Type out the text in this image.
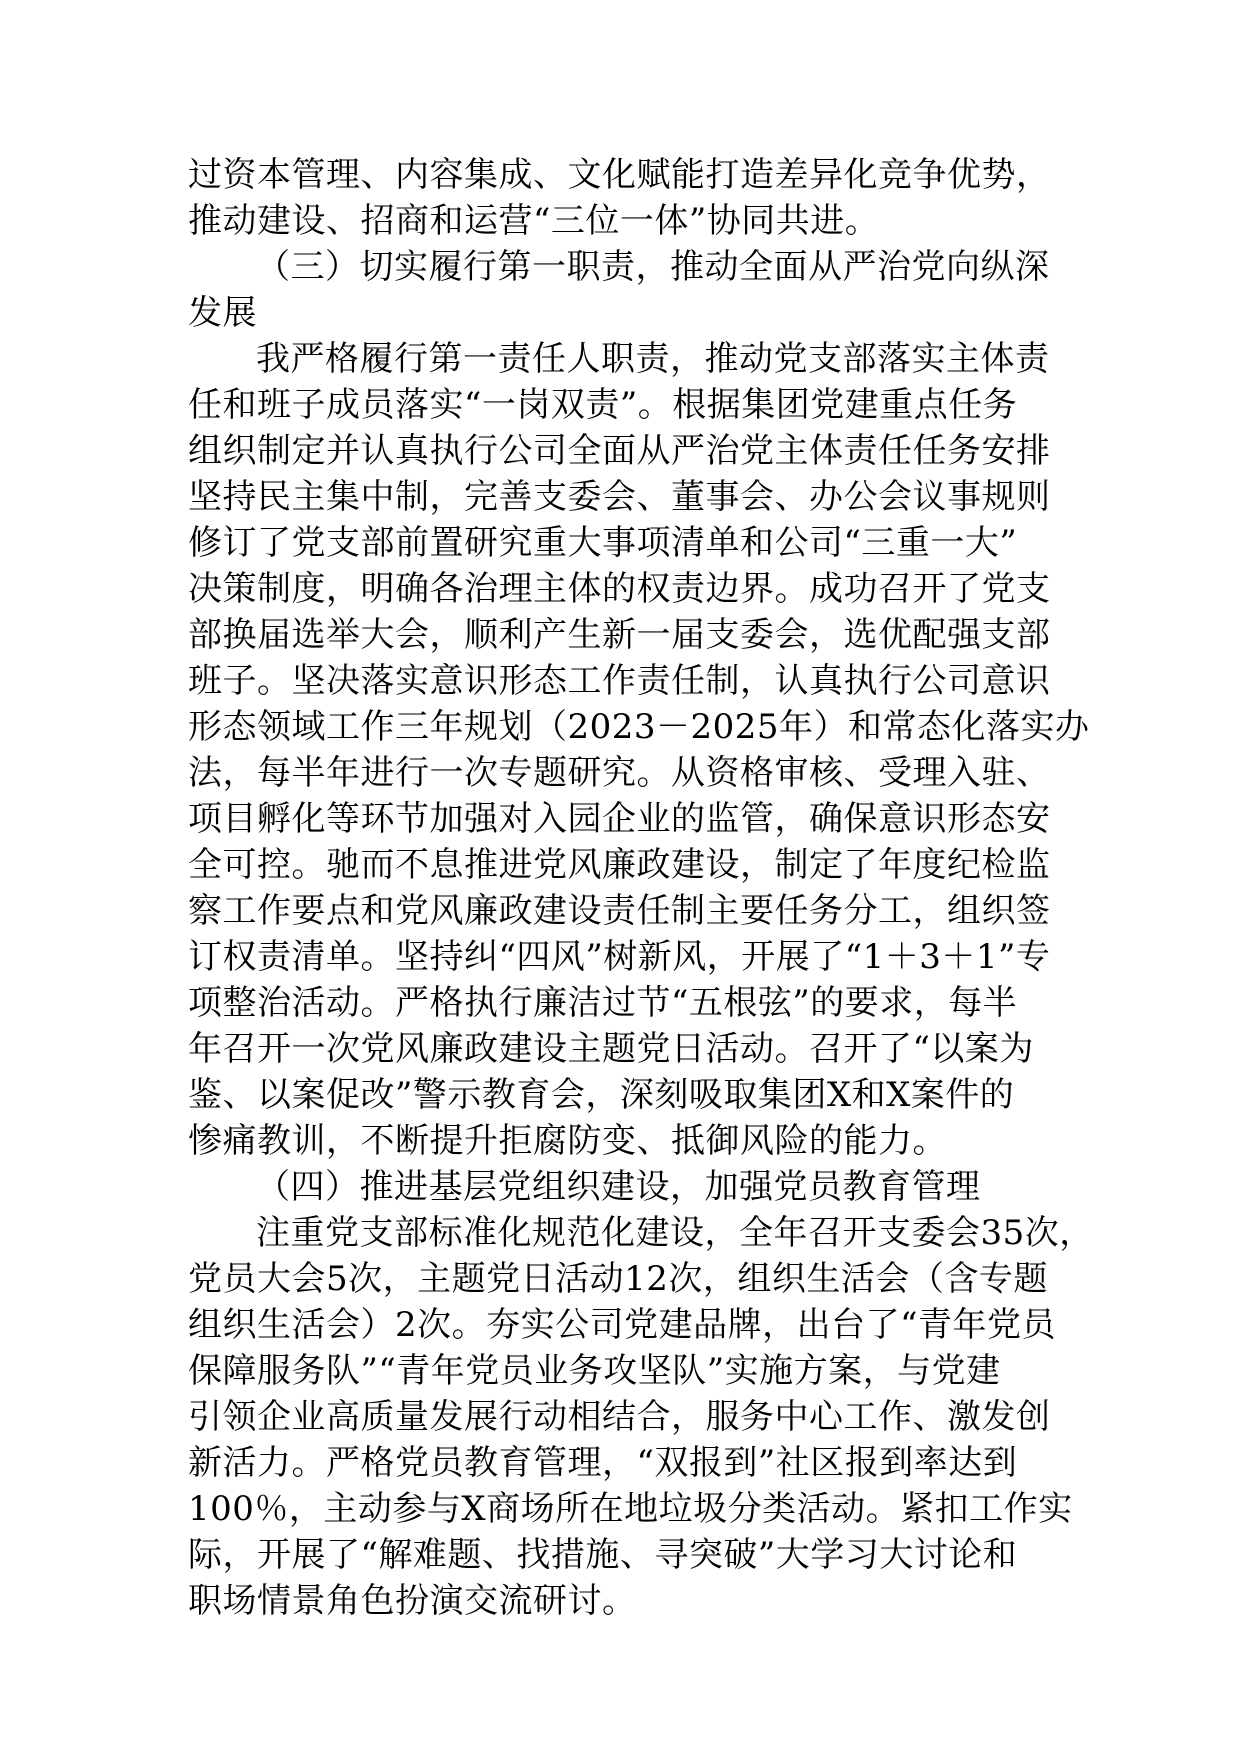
过资本管理、内容集成、文化赋能打造差异化竞争优势，
推动建设、招商和运营“三位一体”协同共进。
（三）切实履行第一职责，推动全面从严治党向纵深
发展
我严格履行第一责任人职责，推动党支部落实主体责
任和班子成员落实“一岗双责”。根据集团党建重点任务
组织制定并认真执行公司全面从严治党主体责任任务安排
坚持民主集中制，完善支委会、董事会、办公会议事规则
修订了党支部前置研究重大事项清单和公司“三重一大”
决策制度，明确各治理主体的权责边界。成功召开了党支
部换届选举大会，顺利产生新一届支委会，选优配强支部
班子。坚决落实意识形态工作责任制，认真执行公司意识
形态领域工作三年规划（2023－2025年）和常态化落实办
法，每半年进行一次专题研究。从资格审核、受理入驻、
项目孵化等环节加强对入园企业的监管，确保意识形态安
全可控。驰而不息推进党风廉政建设，制定了年度纪检监
察工作要点和党风廉政建设责任制主要任务分工，组织签
订权责清单。坚持纠“四风”树新风，开展了“1＋3＋1”专
项整治活动。严格执行廉洁过节“五根弦”的要求，每半
年召开一次党风廉政建设主题党日活动。召开了“以案为
鉴、以案促改”警示教育会，深刻吸取集团X和X案件的
惨痛教训，不断提升拒腐防变、抵御风险的能力。
（四）推进基层党组织建设，加强党员教育管理
注重党支部标准化规范化建设，全年召开支委会35次，
党员大会5次，主题党日活动12次，组织生活会（含专题
组织生活会）2次。夯实公司党建品牌，出台了“青年党员
保障服务队”“青年党员业务攻坚队”实施方案，与党建
引领企业高质量发展行动相结合，服务中心工作、激发创
新活力。严格党员教育管理，“双报到”社区报到率达到
100％，主动参与X商场所在地垃圾分类活动。紧扣工作实
际，开展了“解难题、找措施、寻突破”大学习大讨论和
职场情景角色扮演交流研讨。
